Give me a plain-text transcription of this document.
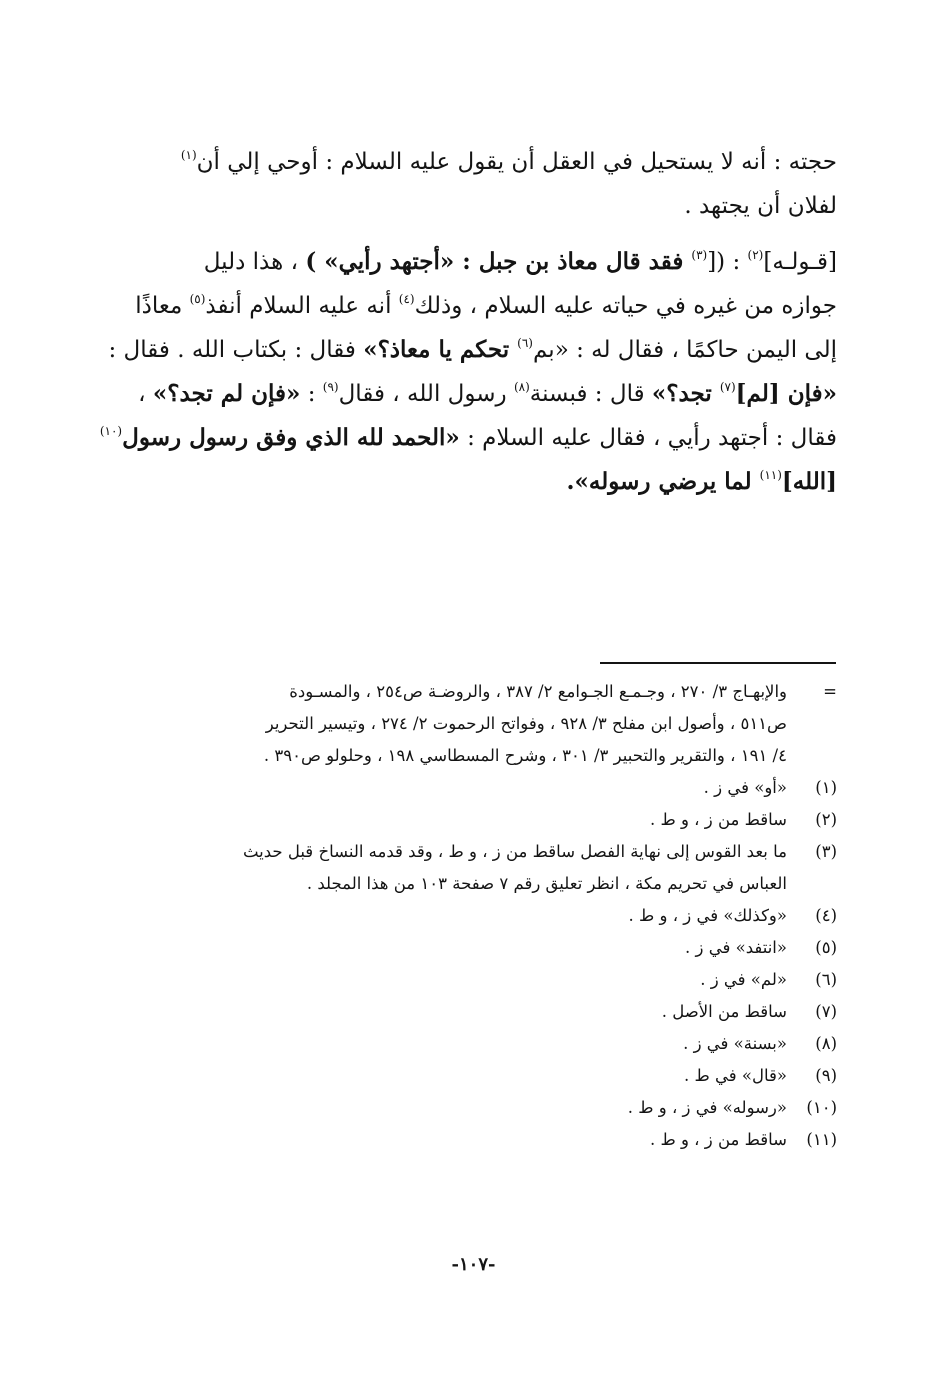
حجته : أنه لا يستحيل في العقل أن يقول عليه السلام : أوحي إلي أن$^{(١)}$
لفلان أن يجتهد .

[قـولـه]$^{(٢)}$ : ([$^{(٣)}$ فقد قال معاذ بن جبل : «أجتهد رأيي» ) ، هذا دليل
جوازه من غيره في حياته عليه السلام ، وذلك$^{(٤)}$ أنه عليه السلام أنفذ$^{(٥)}$ معاذًا
إلى اليمن حاكمًا ، فقال له : «بم$^{(٦)}$ تحكم يا معاذ؟» فقال : بكتاب الله . فقال :
«فإن [لم]$^{(٧)}$ تجد؟» قال : فبسنة$^{(٨)}$ رسول الله ، فقال$^{(٩)}$ : «فإن لم تجد؟» ،
فقال : أجتهد رأيي ، فقال عليه السلام : «الحمد لله الذي وفق رسول رسول$^{(١٠)}$
[الله]$^{(١١)}$ لما يرضي رسوله».

=
والإبهـاج ٣/ ٢٧٠ ، وجـمـع الجـوامع ٢/ ٣٨٧ ، والروضـة ص٢٥٤ ، والمسـودة
ص٥١١ ، وأصول ابن مفلح ٣/ ٩٢٨ ، وفواتح الرحموت ٢/ ٢٧٤ ، وتيسير التحرير
٤/ ١٩١ ، والتقرير والتحبير ٣/ ٣٠١ ، وشرح المسطاسي ١٩٨ ، وحلولو ص٣٩٠ .
(١)
«أو» في ز .
(٢)
ساقط من ز ، و ط .
(٣)
ما بعد القوس إلى نهاية الفصل ساقط من ز ، و ط ، وقد قدمه النساخ قبل حديث
العباس في تحريم مكة ، انظر تعليق رقم ٧ صفحة ١٠٣ من هذا المجلد .
(٤)
«وكذلك» في ز ، و ط .
(٥)
«انتفد» في ز .
(٦)
«لم» في ز .
(٧)
ساقط من الأصل .
(٨)
«بسنة» في ز .
(٩)
«قال» في ط .
(١٠)
«رسوله» في ز ، و ط .
(١١)
ساقط من ز ، و ط .
-١٠٧-
